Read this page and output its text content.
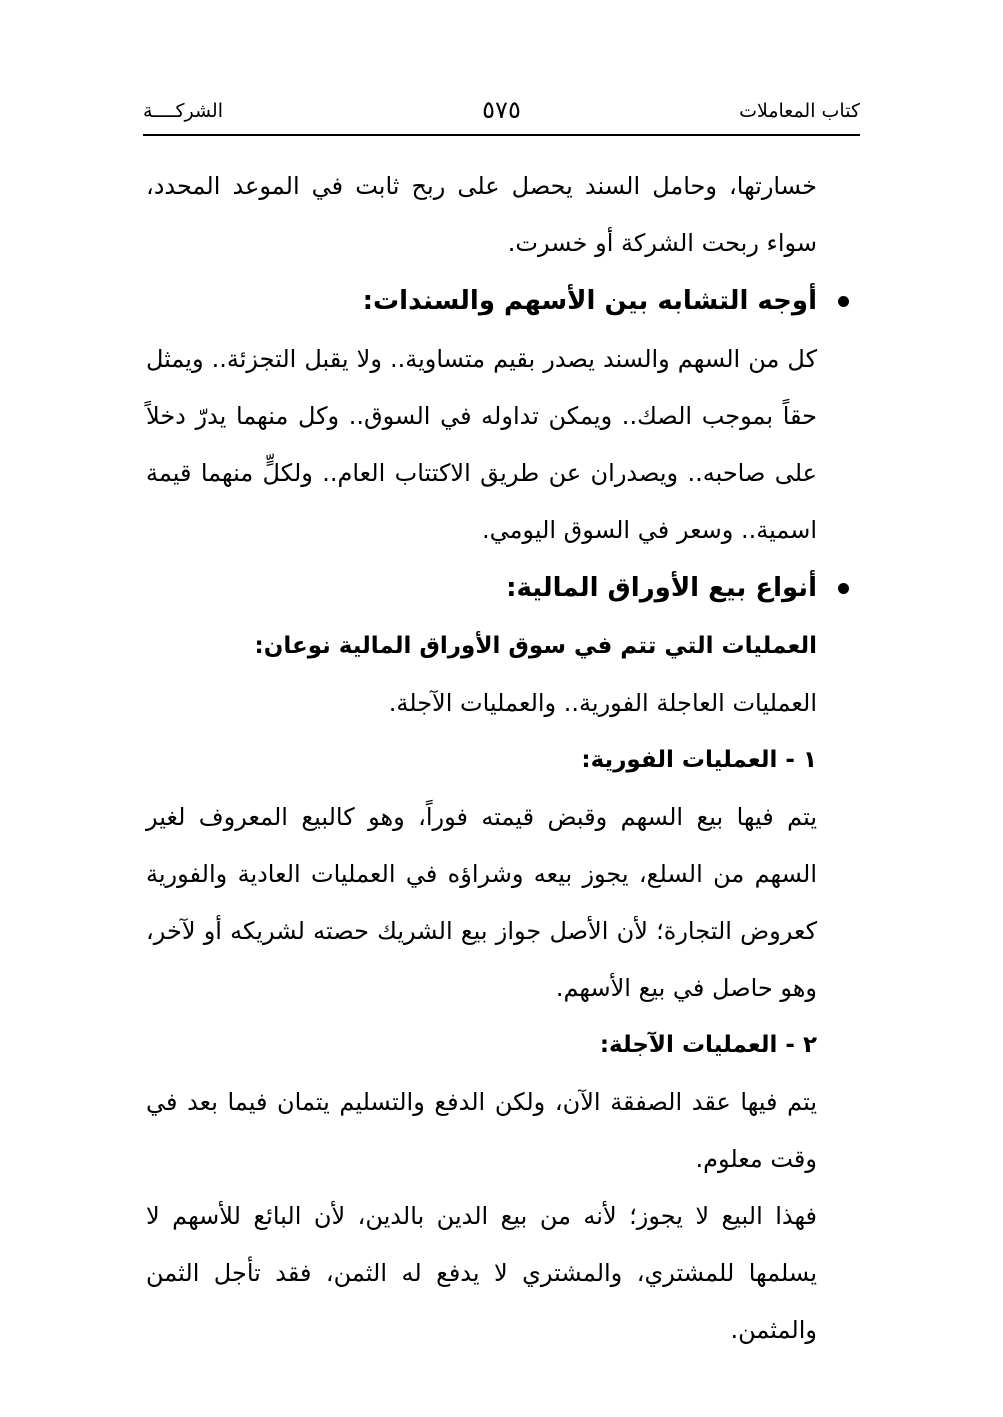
كتاب المعاملات
٥٧٥
الشركــــة

خسارتها، وحامل السند يحصل على ربح ثابت في الموعد المحدد، سواء ربحت الشركة أو خسرت.

أوجه التشابه بين الأسهم والسندات:

كل من السهم والسند يصدر بقيم متساوية.. ولا يقبل التجزئة.. ويمثل حقاً بموجب الصك.. ويمكن تداوله في السوق.. وكل منهما يدرّ دخلاً على صاحبه.. ويصدران عن طريق الاكتتاب العام.. ولكلٍّ منهما قيمة اسمية.. وسعر في السوق اليومي.

أنواع بيع الأوراق المالية:

العمليات التي تتم في سوق الأوراق المالية نوعان:

العمليات العاجلة الفورية.. والعمليات الآجلة.

١ - العمليات الفورية:

يتم فيها بيع السهم وقبض قيمته فوراً، وهو كالبيع المعروف لغير السهم من السلع، يجوز بيعه وشراؤه في العمليات العادية والفورية كعروض التجارة؛ لأن الأصل جواز بيع الشريك حصته لشريكه أو لآخر، وهو حاصل في بيع الأسهم.

٢ - العمليات الآجلة:

يتم فيها عقد الصفقة الآن، ولكن الدفع والتسليم يتمان فيما بعد في وقت معلوم.

فهذا البيع لا يجوز؛ لأنه من بيع الدين بالدين، لأن البائع للأسهم لا يسلمها للمشتري، والمشتري لا يدفع له الثمن، فقد تأجل الثمن والمثمن.
